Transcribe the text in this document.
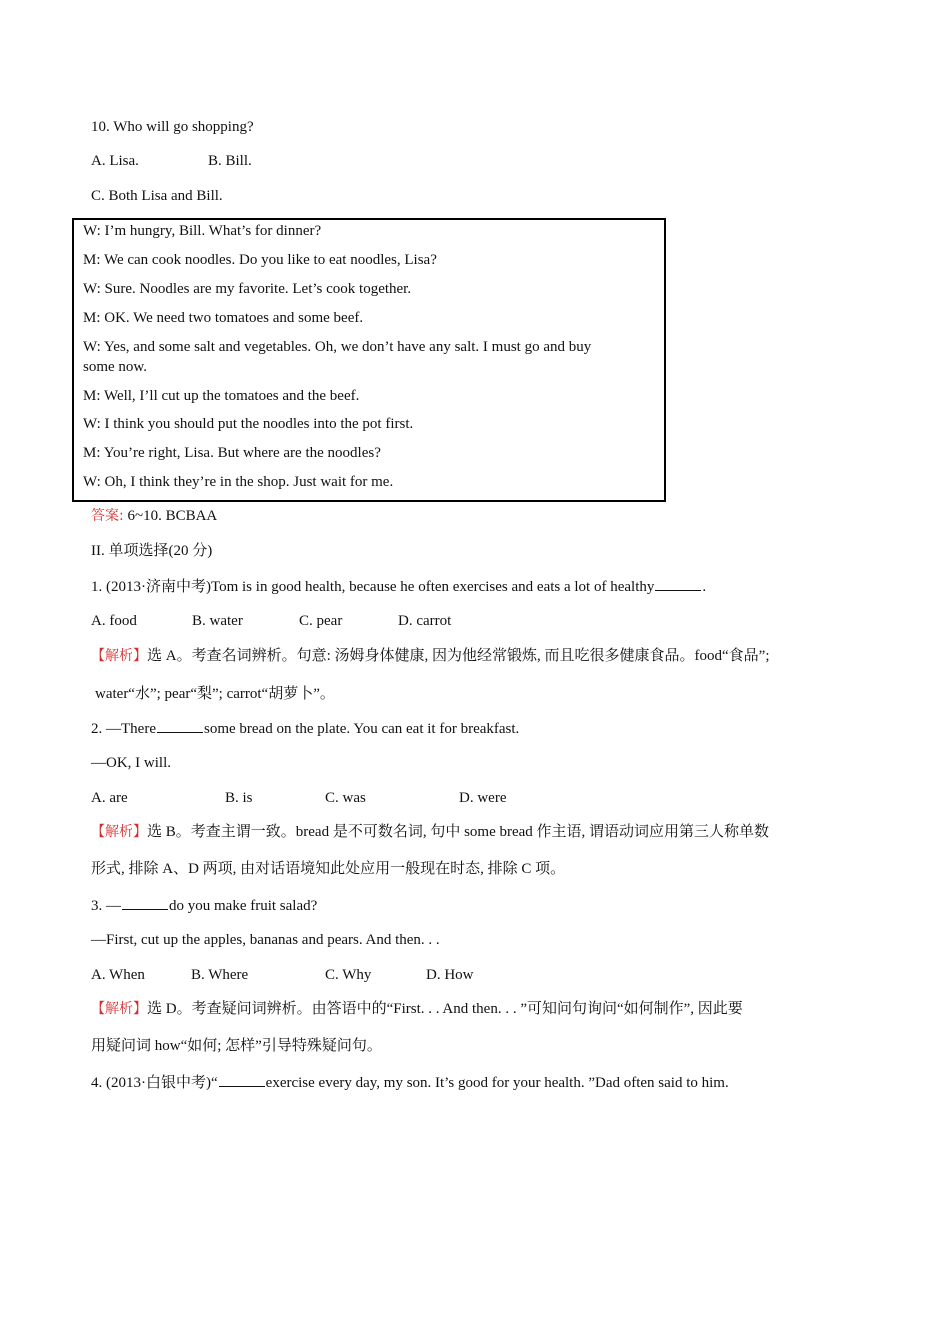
10. Who will go shopping?
A. Lisa.	B. Bill.
C. Both Lisa and Bill.
W: I’m hungry, Bill. What’s for dinner?
M: We can cook noodles. Do you like to eat noodles, Lisa?
W: Sure. Noodles are my favorite. Let’s cook together.
M: OK. We need two tomatoes and some beef.
W: Yes, and some salt and vegetables. Oh, we don’t have any salt. I must go and buy
some now.
M: Well, I’ll cut up the tomatoes and the beef.
W: I think you should put the noodles into the pot first.
M: You’re right, Lisa. But where are the noodles?
W: Oh, I think they’re in the shop. Just wait for me.
答案: 6~10. BCBAA
II. 单项选择(20 分)
1. (2013·济南中考)Tom is in good health, because he often exercises and eats a lot of healthy	.
A. food	B. water	C. pear	D. carrot
【解析】选 A。考查名词辨析。句意: 汤姆身体健康, 因为他经常锻炼, 而且吃很多健康食品。food“食品”;
water“水”; pear“梨”; carrot“胡萝卜”。
2. —There	some bread on the plate. You can eat it for breakfast.
—OK, I will.
A. are	B. is	C. was	D. were
【解析】选 B。考查主谓一致。bread 是不可数名词, 句中 some bread 作主语, 谓语动词应用第三人称单数
形式, 排除 A、D 两项, 由对话语境知此处应用一般现在时态, 排除 C 项。
3. —	do you make fruit salad?
—First, cut up the apples, bananas and pears. And then. . .
A. When	B. Where	C. Why	D. How
【解析】选 D。考查疑问词辨析。由答语中的“First. . . And then. . . ”可知问句询问“如何制作”, 因此要
用疑问词 how“如何; 怎样”引导特殊疑问句。
4. (2013·白银中考)“	exercise every day, my son. It’s good for your health. ”Dad often said to him.
